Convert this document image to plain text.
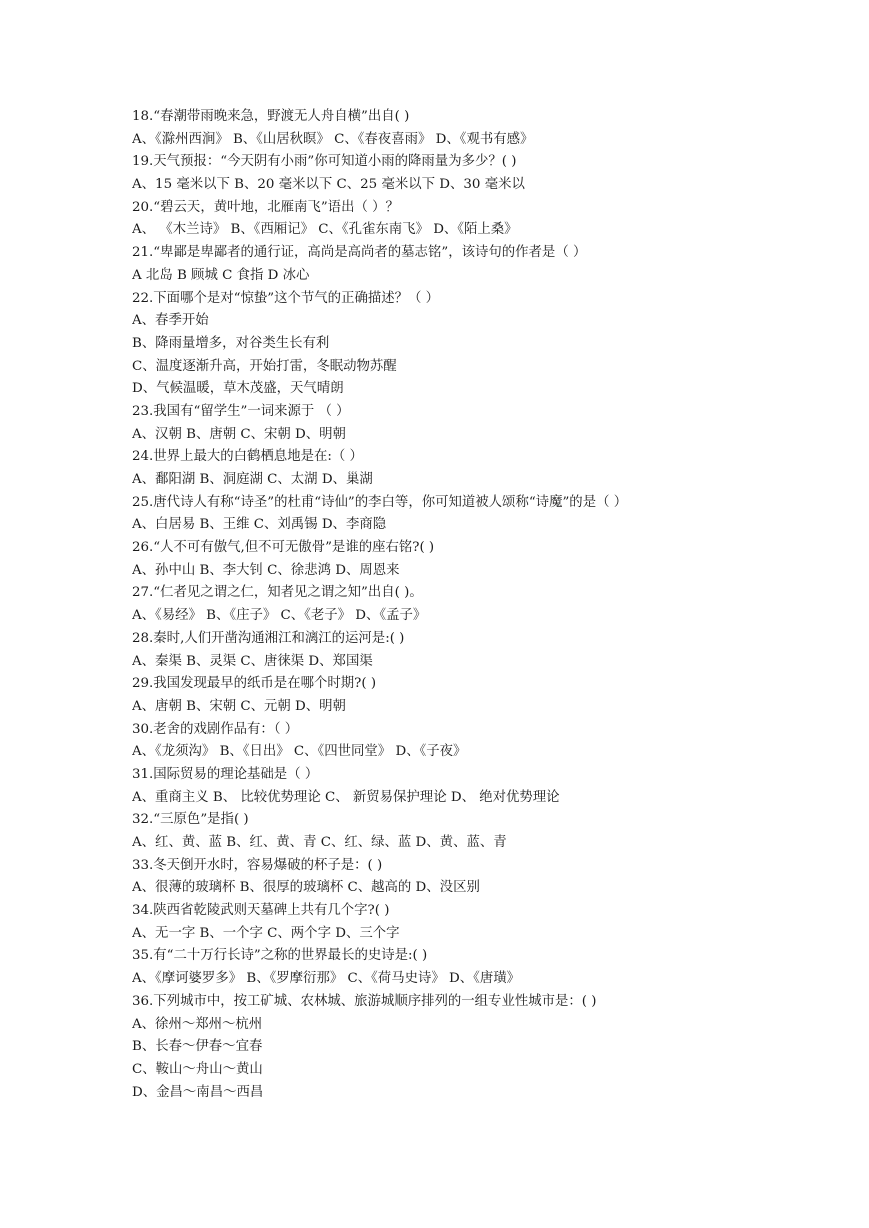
18.“春潮带雨晚来急，野渡无人舟自横”出自( )
A、《滁州西涧》 B、《山居秋暝》 C、《春夜喜雨》 D、《观书有感》
19.天气预报：“今天阴有小雨”你可知道小雨的降雨量为多少？( )
A、15 毫米以下 B、20 毫米以下 C、25 毫米以下 D、30 毫米以
20.“碧云天，黄叶地，北雁南飞”语出（ ）？
A、 《木兰诗》 B、《西厢记》 C、《孔雀东南飞》 D、《陌上桑》
21.“卑鄙是卑鄙者的通行证，高尚是高尚者的墓志铭”，该诗句的作者是（ ）
A 北岛 B 顾城 C 食指 D 冰心
22.下面哪个是对“惊蛰”这个节气的正确描述？（ ）
A、春季开始
B、降雨量增多，对谷类生长有利
C、温度逐渐升高，开始打雷，冬眠动物苏醒
D、气候温暖，草木茂盛，天气晴朗
23.我国有“留学生”一词来源于 （ ）
A、汉朝 B、唐朝 C、宋朝 D、明朝
24.世界上最大的白鹤栖息地是在:（ ）
A、鄱阳湖 B、洞庭湖 C、太湖 D、巢湖
25.唐代诗人有称“诗圣”的杜甫“诗仙”的李白等，你可知道被人颂称“诗魔”的是（ ）
A、白居易 B、王维 C、刘禹锡 D、李商隐
26.“人不可有傲气,但不可无傲骨”是谁的座右铭?( )
A、孙中山 B、李大钊 C、徐悲鸿 D、周恩来
27.“仁者见之谓之仁，知者见之谓之知”出自( )。
A、《易经》 B、《庄子》 C、《老子》 D、《孟子》
28.秦时,人们开凿沟通湘江和漓江的运河是:( )
A、秦渠 B、灵渠 C、唐徕渠 D、郑国渠
29.我国发现最早的纸币是在哪个时期?( )
A、唐朝 B、宋朝 C、元朝 D、明朝
30.老舍的戏剧作品有：（ ）
A、《龙须沟》 B、《日出》 C、《四世同堂》 D、《子夜》
31.国际贸易的理论基础是（ ）
A、重商主义 B、 比较优势理论 C、 新贸易保护理论 D、 绝对优势理论
32.“三原色”是指( )
A、红、黄、蓝 B、红、黄、青 C、红、绿、蓝 D、黄、蓝、青
33.冬天倒开水时，容易爆破的杯子是：( )
A、很薄的玻璃杯 B、很厚的玻璃杯 C、越高的 D、没区别
34.陕西省乾陵武则天墓碑上共有几个字?( )
A、无一字 B、一个字 C、两个字 D、三个字
35.有“二十万行长诗”之称的世界最长的史诗是:( )
A、《摩诃婆罗多》 B、《罗摩衍那》 C、《荷马史诗》 D、《唐璜》
36.下列城市中，按工矿城、农林城、旅游城顺序排列的一组专业性城市是：( )
A、徐州～郑州～杭州
B、长春～伊春～宜春
C、鞍山～舟山～黄山
D、金昌～南昌～西昌
